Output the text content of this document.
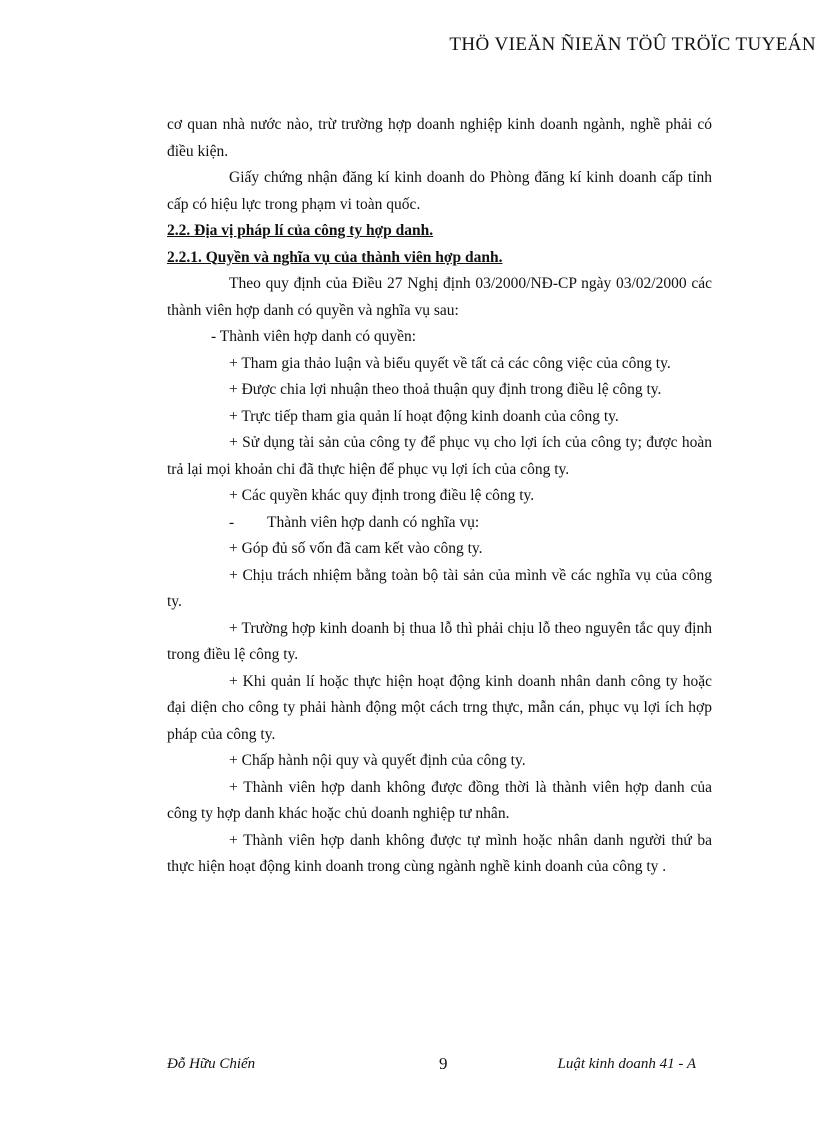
THÖ VIEÄN ÑIEÄN TÖÛ TRÖÏC TUYEÁN

cơ quan nhà nước nào, trừ trường hợp doanh nghiệp kinh doanh ngành, nghề phải có điều kiện.

Giấy chứng nhận đăng kí kinh doanh do Phòng đăng kí kinh doanh cấp tỉnh cấp có hiệu lực trong phạm vi toàn quốc.

2.2. Địa vị pháp lí của công ty hợp danh.

2.2.1. Quyền và nghĩa vụ của thành viên hợp danh.

Theo quy định của Điều 27 Nghị định 03/2000/NĐ-CP ngày 03/02/2000 các thành viên hợp danh có quyền và nghĩa vụ sau:

- Thành viên hợp danh có quyền:

+ Tham gia thảo luận và biểu quyết về tất cả các công việc của công ty.

+ Được chia lợi nhuận theo thoả thuận quy định trong điều lệ công ty.

+ Trực tiếp tham gia quản lí hoạt động kinh doanh của công ty.

+ Sử dụng tài sản của công ty để phục vụ cho lợi ích của công ty; được hoàn trả lại mọi khoản chi đã thực hiện để phục vụ lợi ích của công ty.

+ Các quyền khác quy định trong điều lệ công ty.

- Thành viên hợp danh có nghĩa vụ:

+ Góp đủ số vốn đã cam kết vào công ty.

+ Chịu trách nhiệm bằng toàn bộ tài sản của mình về các nghĩa vụ của công ty.

+ Trường hợp kinh doanh bị thua lỗ thì phải chịu lỗ theo nguyên tắc quy định trong điều lệ công ty.

+ Khi quản lí hoặc thực hiện hoạt động kinh doanh nhân danh công ty hoặc đại diện cho công ty phải hành động một cách trng thực, mẫn cán, phục vụ lợi ích hợp pháp của công ty.

+ Chấp hành nội quy và quyết định của công ty.

+ Thành viên hợp danh không được đồng thời là thành viên hợp danh của công ty hợp danh khác hoặc chủ doanh nghiệp tư nhân.

+ Thành viên hợp danh không được tự mình hoặc nhân danh người thứ ba thực hiện hoạt động kinh doanh trong cùng ngành nghề kinh doanh của công ty .

Đỗ Hữu Chiến	9	Luật kinh doanh 41 - A
